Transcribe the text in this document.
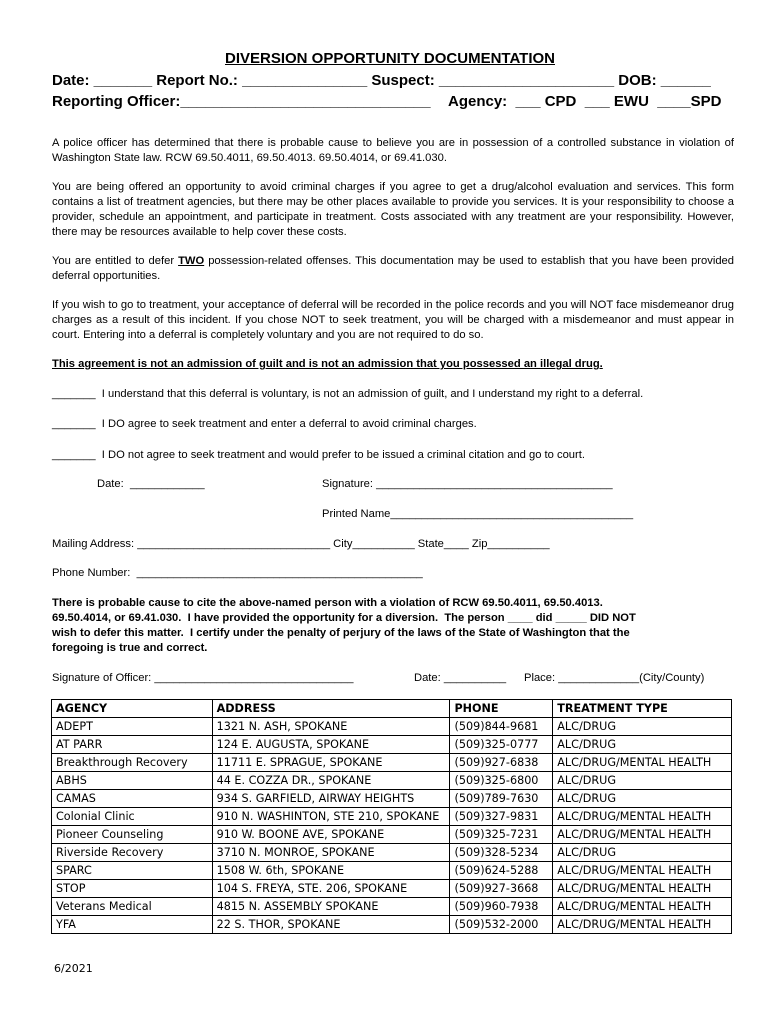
DIVERSION OPPORTUNITY DOCUMENTATION
Date: _______ Report No.: _______________ Suspect: _____________________ DOB: ______
Reporting Officer:______________________________ Agency:  ___ CPD  ___ EWU  ____SPD
A police officer has determined that there is probable cause to believe you are in possession of a controlled substance in violation of Washington State law. RCW 69.50.4011, 69.50.4013. 69.50.4014, or 69.41.030.
You are being offered an opportunity to avoid criminal charges if you agree to get a drug/alcohol evaluation and services. This form contains a list of treatment agencies, but there may be other places available to provide you services. It is your responsibility to choose a provider, schedule an appointment, and participate in treatment. Costs associated with any treatment are your responsibility. However, there may be resources available to help cover these costs.
You are entitled to defer TWO possession-related offenses. This documentation may be used to establish that you have been provided deferral opportunities.
If you wish to go to treatment, your acceptance of deferral will be recorded in the police records and you will NOT face misdemeanor drug charges as a result of this incident. If you chose NOT to seek treatment, you will be charged with a misdemeanor and must appear in court. Entering into a deferral is completely voluntary and you are not required to do so.
This agreement is not an admission of guilt and is not an admission that you possessed an illegal drug.
_______  I understand that this deferral is voluntary, is not an admission of guilt, and I understand my right to a deferral.
_______  I DO agree to seek treatment and enter a deferral to avoid criminal charges.
_______  I DO not agree to seek treatment and would prefer to be issued a criminal citation and go to court.
Date:  ____________	Signature: ______________________________________
Printed Name_______________________________________
Mailing Address: _______________________________ City__________ State____ Zip__________
Phone Number:  ______________________________________________
There is probable cause to cite the above-named person with a violation of RCW 69.50.4011, 69.50.4013.
69.50.4014, or 69.41.030.  I have provided the opportunity for a diversion.  The person ____ did _____ DID NOT
wish to defer this matter.  I certify under the penalty of perjury of the laws of the State of Washington that the
foregoing is true and correct.
Signature of Officer: ________________________________	Date: __________ Place: _____________(City/County)
AGENCY	ADDRESS	PHONE	TREATMENT TYPE
ADEPT	1321 N. ASH, SPOKANE	(509)844-9681	ALC/DRUG
AT PARR	124 E. AUGUSTA, SPOKANE	(509)325-0777	ALC/DRUG
Breakthrough Recovery	11711 E. SPRAGUE, SPOKANE	(509)927-6838	ALC/DRUG/MENTAL HEALTH
ABHS	44 E. COZZA DR., SPOKANE	(509)325-6800	ALC/DRUG
CAMAS	934 S. GARFIELD, AIRWAY HEIGHTS	(509)789-7630	ALC/DRUG
Colonial Clinic	910 N. WASHINTON, STE 210, SPOKANE	(509)327-9831	ALC/DRUG/MENTAL HEALTH
Pioneer Counseling	910 W. BOONE AVE, SPOKANE	(509)325-7231	ALC/DRUG/MENTAL HEALTH
Riverside Recovery	3710 N. MONROE, SPOKANE	(509)328-5234	ALC/DRUG
SPARC	1508 W. 6th, SPOKANE	(509)624-5288	ALC/DRUG/MENTAL HEALTH
STOP	104 S. FREYA, STE. 206, SPOKANE	(509)927-3668	ALC/DRUG/MENTAL HEALTH
Veterans Medical	4815 N. ASSEMBLY SPOKANE	(509)960-7938	ALC/DRUG/MENTAL HEALTH
YFA	22 S. THOR, SPOKANE	(509)532-2000	ALC/DRUG/MENTAL HEALTH
6/2021
